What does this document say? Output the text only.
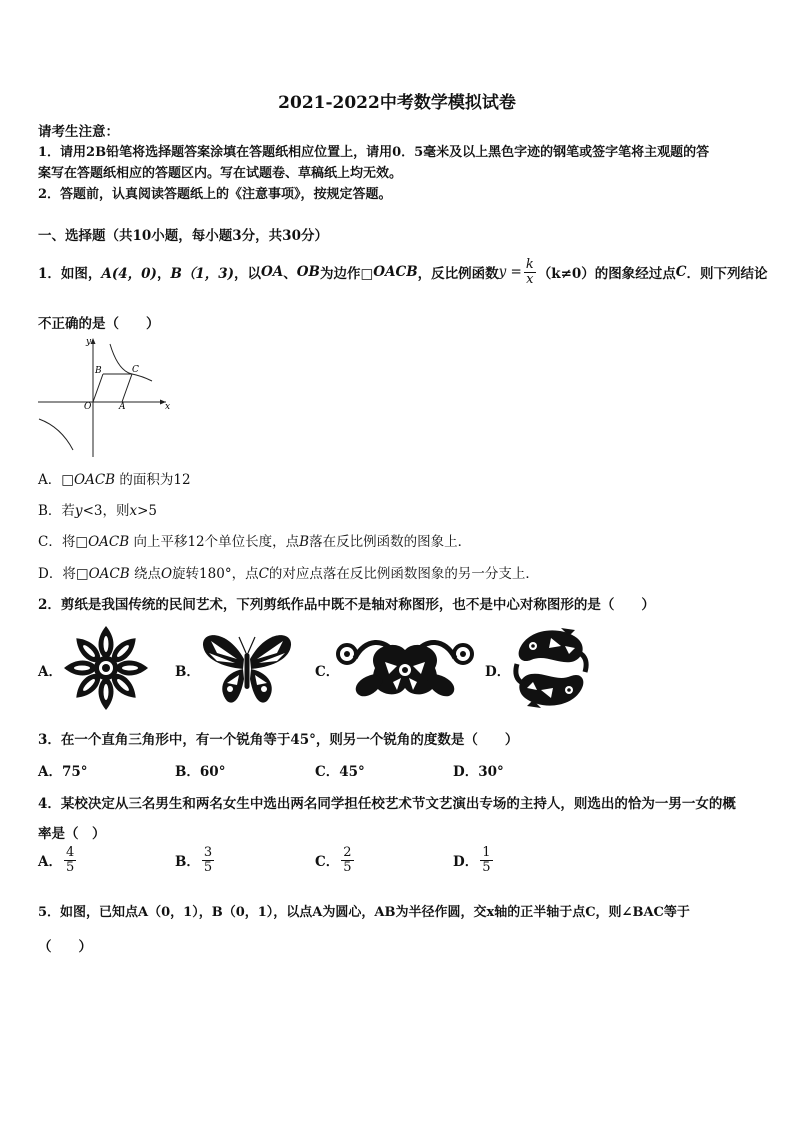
2021-2022中考数学模拟试卷
请考生注意：
1．请用2B铅笔将选择题答案涂填在答题纸相应位置上，请用0．5毫米及以上黑色字迹的钢笔或签字笔将主观题的答
案写在答题纸相应的答题区内。写在试题卷、草稿纸上均无效。
2．答题前，认真阅读答题纸上的《注意事项》，按规定答题。
一、选择题（共10小题，每小题3分，共30分）
1．如图， A(4，0) ， B（1，3) ，以 OA 、 OB 为边作□ OACB ，反比例函数 $y = \frac{k}{x} (k\ne 0)$ 的图象经过点 C ．则下列结论
不正确的是（　　）
y
x
O	A
B	C
A．□OACB 的面积为12
B．若y<3，则x>5
C．将□OACB 向上平移12个单位长度，点B落在反比例函数的图象上．
D．将□OACB 绕点O旋转180°，点C的对应点落在反比例函数图象的另一分支上．
2．剪纸是我国传统的民间艺术，下列剪纸作品中既不是轴对称图形，也不是中心对称图形的是（　　）
A．	B．	C．	D．
3．在一个直角三角形中，有一个锐角等于45°，则另一个锐角的度数是（　　）
A．75°	B．60°	C．45°	D．30°
4．某校决定从三名男生和两名女生中选出两名同学担任校艺术节文艺演出专场的主持人，则选出的恰为一男一女的概
率是（　）
A． $\frac{4}{5}$	B． $\frac{3}{5}$	C． $\frac{2}{5}$	D． $\frac{1}{5}$
5．如图，已知点A（0，1），B（0，1），以点A为圆心，AB为半径作圆，交x轴的正半轴于点C，则∠BAC等于
（　　）
